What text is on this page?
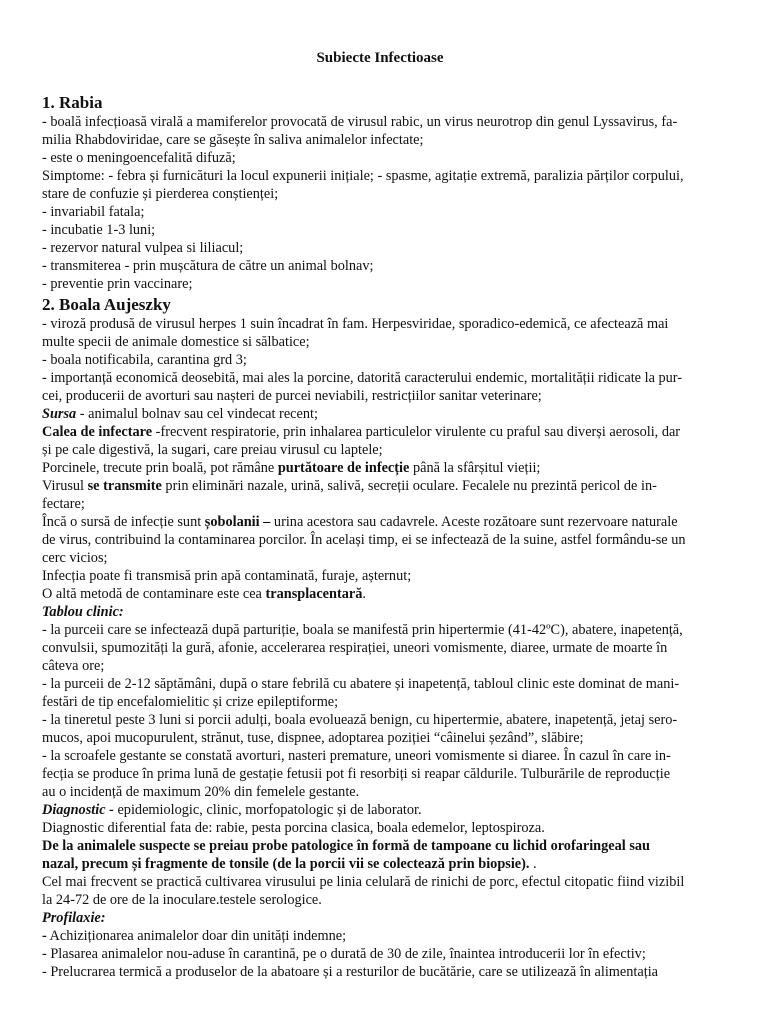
Subiecte Infectioase
1. Rabia
- boală infecțioasă virală a mamiferelor provocată de virusul rabic, un virus neurotrop din genul Lyssavirus, fa-
milia Rhabdoviridae, care se găsește în saliva animalelor infectate;
- este o meningoencefalită difuză;
Simptome: - febra și furnicături la locul expunerii inițiale; - spasme, agitație extremă, paralizia părților corpului,
stare de confuzie și pierderea conștienței;
- invariabil fatala;
- incubatie 1-3 luni;
- rezervor natural vulpea si liliacul;
- transmiterea - prin mușcătura de către un animal bolnav;
- preventie prin vaccinare;
2. Boala Aujeszky
- viroză produsă de virusul herpes 1 suin încadrat în fam. Herpesviridae, sporadico-edemică, ce afectează mai
multe specii de animale domestice si sălbatice;
- boala notificabila, carantina grd 3;
- importanță economică deosebită, mai ales la porcine, datorită caracterului endemic, mortalității ridicate la pur-
cei, producerii de avorturi sau nașteri de purcei neviabili, restricțiilor sanitar veterinare;
Sursa - animalul bolnav sau cel vindecat recent;
Calea de infectare -frecvent respiratorie, prin inhalarea particulelor virulente cu praful sau diverși aerosoli, dar
și pe cale digestivă, la sugari, care preiau virusul cu laptele;
Porcinele, trecute prin boală, pot rămâne purtătoare de infecție până la sfârșitul vieții;
Virusul se transmite prin eliminări nazale, urină, salivă, secreții oculare. Fecalele nu prezintă pericol de in-
fectare;
Încă o sursă de infecție sunt șobolanii – urina acestora sau cadavrele. Aceste rozătoare sunt rezervoare naturale
de virus, contribuind la contaminarea porcilor. În același timp, ei se infectează de la suine, astfel formându-se un
cerc vicios;
Infecția poate fi transmisă prin apă contaminată, furaje, așternut;
O altă metodă de contaminare este cea transplacentară.
Tablou clinic:
- la purceii care se infectează după parturiție, boala se manifestă prin hipertermie (41-42ºC), abatere, inapetență,
convulsii, spumozități la gură, afonie, accelerarea respirației, uneori vomismente, diaree, urmate de moarte în
câteva ore;
- la purceii de 2-12 săptămâni, după o stare febrilă cu abatere și inapetență, tabloul clinic este dominat de mani-
festări de tip encefalomielitic și crize epileptiforme;
- la tineretul peste 3 luni si porcii adulți, boala evoluează benign, cu hipertermie, abatere, inapetență, jetaj sero-
mucos, apoi mucopurulent, strănut, tuse, dispnee, adoptarea poziției “câinelui șezând”, slăbire;
- la scroafele gestante se constată avorturi, nasteri premature, uneori vomismente si diaree. În cazul în care in-
fecția se produce în prima lună de gestație fetusii pot fi resorbiți si reapar căldurile. Tulburările de reproducție
au o incidență de maximum 20% din femelele gestante.
Diagnostic - epidemiologic, clinic, morfopatologic și de laborator.
Diagnostic diferential fata de: rabie, pesta porcina clasica, boala edemelor, leptospiroza.
De la animalele suspecte se preiau probe patologice în formă de tampoane cu lichid orofaringeal sau
nazal, precum și fragmente de tonsile (de la porcii vii se colectează prin biopsie). .
Cel mai frecvent se practică cultivarea virusului pe linia celulară de rinichi de porc, efectul citopatic fiind vizibil
la 24-72 de ore de la inoculare.testele serologice.
Profilaxie:
- Achiziționarea animalelor doar din unități indemne;
- Plasarea animalelor nou-aduse în carantină, pe o durată de 30 de zile, înaintea introducerii lor în efectiv;
- Prelucrarea termică a produselor de la abatoare și a resturilor de bucătărie, care se utilizează în alimentația
